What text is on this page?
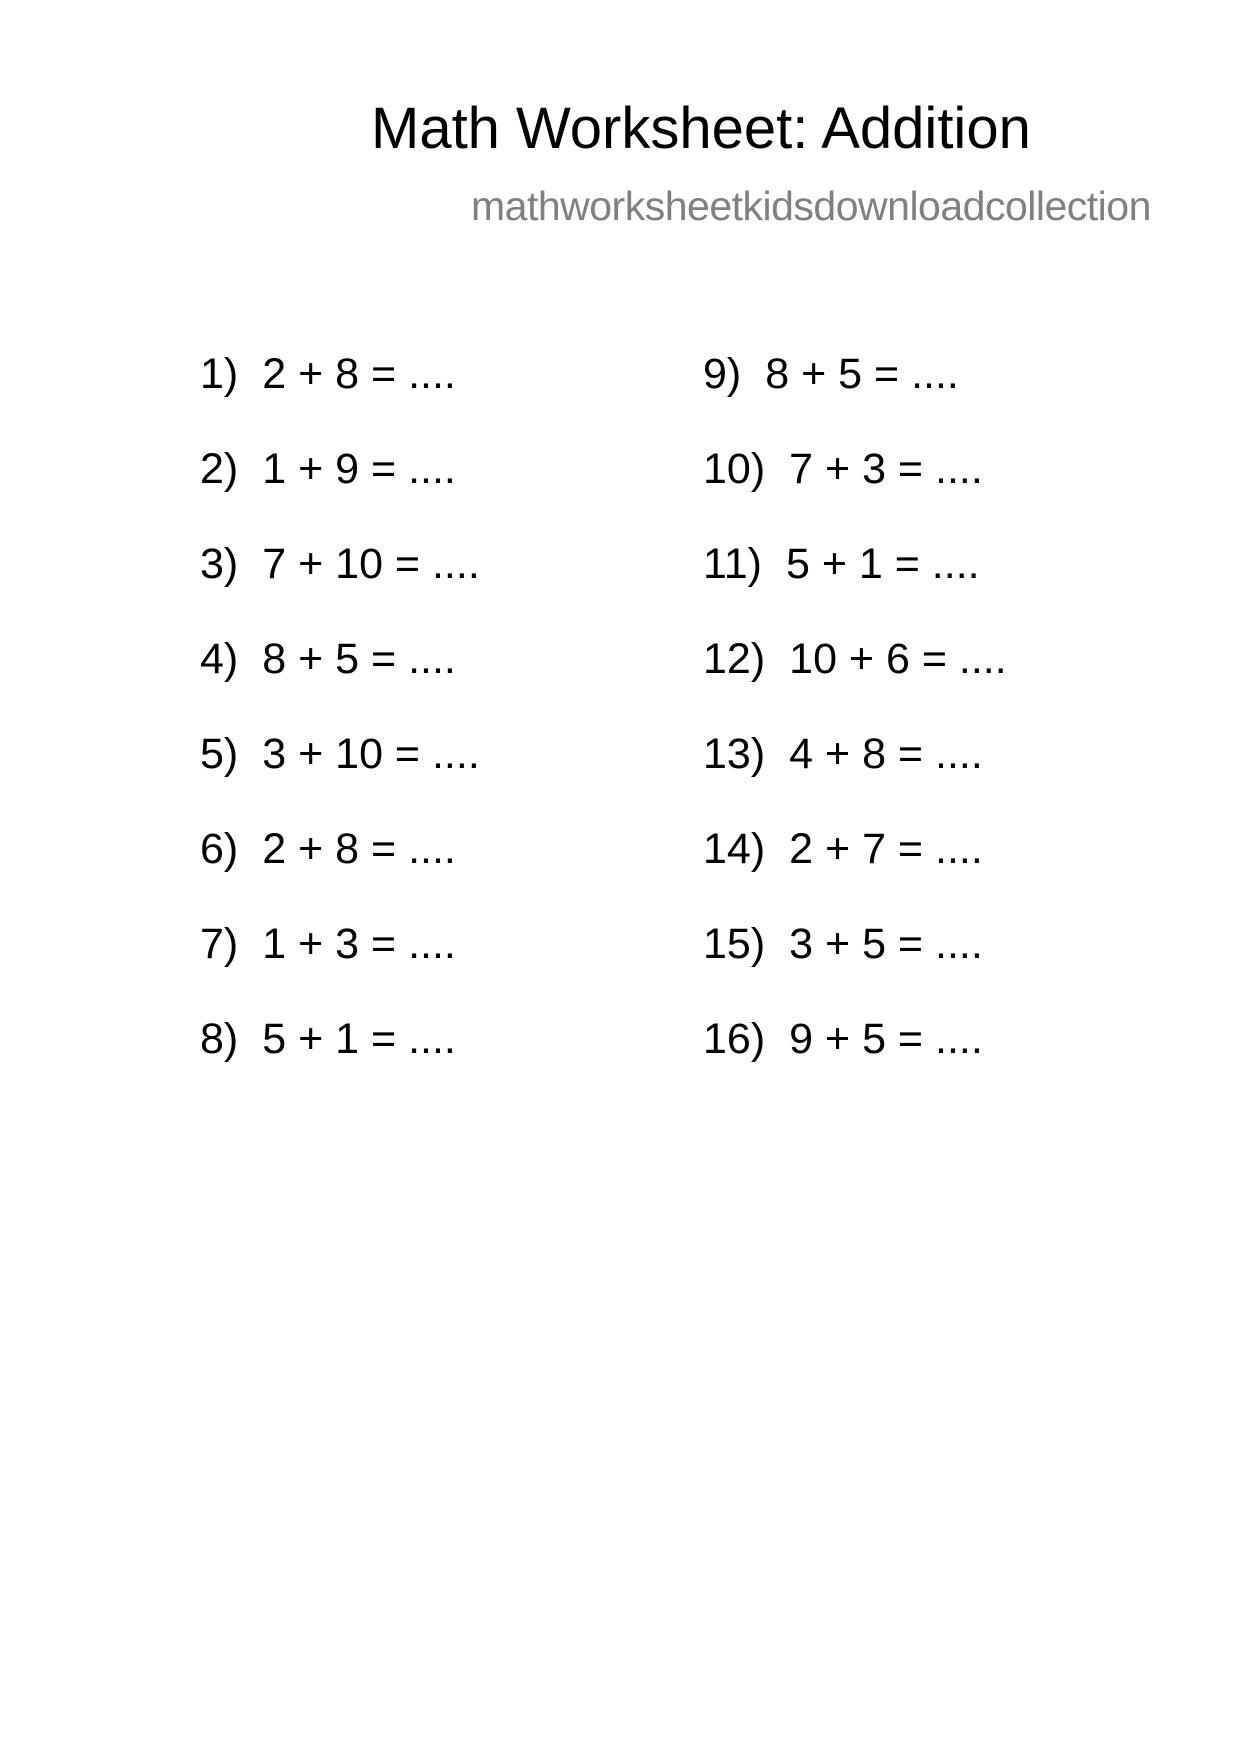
Math Worksheet: Addition
mathworksheetkidsdownloadcollection
1) 2 + 8 = ....
2) 1 + 9 = ....
3) 7 + 10 = ....
4) 8 + 5 = ....
5) 3 + 10 = ....
6) 2 + 8 = ....
7) 1 + 3 = ....
8) 5 + 1 = ....
9) 8 + 5 = ....
10) 7 + 3 = ....
11) 5 + 1 = ....
12) 10 + 6 = ....
13) 4 + 8 = ....
14) 2 + 7 = ....
15) 3 + 5 = ....
16) 9 + 5 = ....
